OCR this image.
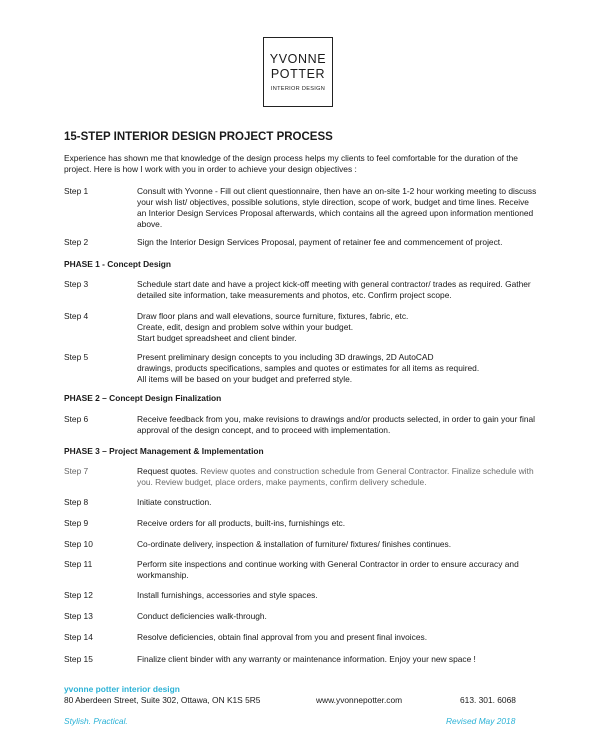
YVONNE
POTTER
INTERIOR DESIGN
15-STEP INTERIOR DESIGN PROJECT PROCESS
Experience has shown me that knowledge of the design process helps my clients to feel comfortable for the duration of the project. Here is how I work with you in order to achieve your design objectives :
Step 1	Consult with Yvonne - Fill out client questionnaire, then have an on-site 1-2 hour working meeting to discuss your wish list/ objectives, possible solutions, style direction, scope of work, budget and time lines. Receive an Interior Design Services Proposal afterwards, which contains all the agreed upon information mentioned above.
Step 2	Sign the Interior Design Services Proposal, payment of retainer fee and commencement of project.
PHASE 1 - Concept Design
Step 3	Schedule start date and have a project kick-off meeting with general contractor/ trades as required. Gather detailed site information, take measurements and photos, etc. Confirm project scope.
Step 4	Draw floor plans and wall elevations, source furniture, fixtures, fabric, etc.
Create, edit, design and problem solve within your budget.
Start budget spreadsheet and client binder.
Step 5	Present preliminary design concepts to you including 3D drawings, 2D AutoCAD
drawings, products specifications, samples and quotes or estimates for all items as required.
All items will be based on your budget and preferred style.
PHASE 2 – Concept Design Finalization
Step 6	Receive feedback from you, make revisions to drawings and/or products selected, in order to gain your final approval of the design concept, and to proceed with implementation.
PHASE 3 – Project Management & Implementation
Step 7	Request quotes. Review quotes and construction schedule from General Contractor. Finalize schedule with you. Review budget, place orders, make payments, confirm delivery schedule.
Step 8	Initiate construction.
Step 9	Receive orders for all products, built-ins, furnishings etc.
Step 10	Co-ordinate delivery, inspection & installation of furniture/ fixtures/ finishes continues.
Step 11	Perform site inspections and continue working with General Contractor in order to ensure accuracy and workmanship.
Step 12	Install furnishings, accessories and style spaces.
Step 13	Conduct deficiencies walk-through.
Step 14	Resolve deficiencies, obtain final approval from you and present final invoices.
Step 15	Finalize client binder with any warranty or maintenance information. Enjoy your new space !
yvonne potter interior design
80 Aberdeen Street, Suite 302, Ottawa, ON K1S 5R5	www.yvonnepotter.com	613. 301. 6068
Stylish. Practical.	Revised May 2018
